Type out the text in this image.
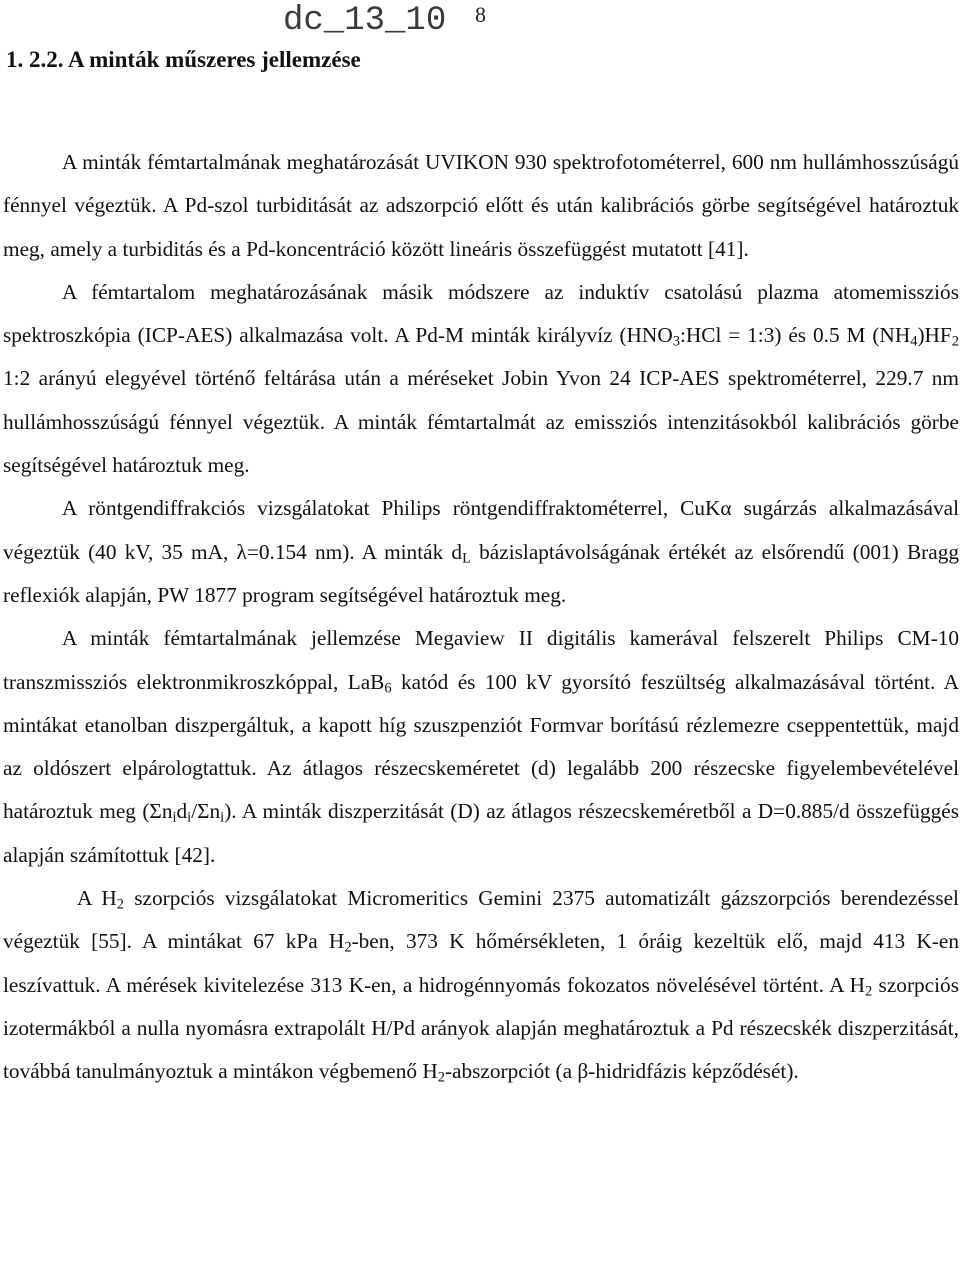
dc_13_10 8
1. 2.2. A minták műszeres jellemzése

A minták fémtartalmának meghatározását UVIKON 930 spektrofotométerrel, 600 nm hullámhosszúságú fénnyel végeztük. A Pd-szol turbiditását az adszorpció előtt és után kalibrációs görbe segítségével határoztuk meg, amely a turbiditás és a Pd-koncentráció között lineáris összefüggést mutatott [41].

A fémtartalom meghatározásának másik módszere az induktív csatolású plazma atomemissziós spektroszkópia (ICP-AES) alkalmazása volt. A Pd-M minták királyvíz ($HNO_3:HCl$ = 1:3) és 0.5 M $(NH_4)HF_2$ 1:2 arányú elegyével történő feltárása után a méréseket Jobin Yvon 24 ICP-AES spektrométerrel, 229.7 nm hullámhosszúságú fénnyel végeztük. A minták fémtartalmát az emissziós intenzitásokból kalibrációs görbe segítségével határoztuk meg.

A röntgendiffrakciós vizsgálatokat Philips röntgendiffraktométerrel, CuKα sugárzás alkalmazásával végeztük (40 kV, 35 mA, λ=0.154 nm). A minták $d_L$ bázislaptávolságának értékét az elsőrendű (001) Bragg reflexiók alapján, PW 1877 program segítségével határoztuk meg.

A minták fémtartalmának jellemzése Megaview II digitális kamerával felszerelt Philips CM-10 transzmissziós elektronmikroszkóppal, LaB$_6$ katód és 100 kV gyorsító feszültség alkalmazásával történt. A mintákat etanolban diszpergáltuk, a kapott híg szuszpenziót Formvar borítású rézlemezre cseppentettük, majd az oldószert elpárologtattuk. Az átlagos részecskeméretet (d) legalább 200 részecske figyelembevételével határoztuk meg $(\Sigma n_id_i/\Sigma n_i)$. A minták diszperzitását (D) az átlagos részecskeméretből a D=0.885/d összefüggés alapján számítottuk [42].

A $H_2$ szorpciós vizsgálatokat Micromeritics Gemini 2375 automatizált gázszorpciós berendezéssel végeztük [55]. A mintákat 67 kPa $H_2$-ben, 373 K hőmérsékleten, 1 óráig kezeltük elő, majd 413 K-en leszívattuk. A mérések kivitelezése 313 K-en, a hidrogénnyomás fokozatos növelésével történt. A $H_2$ szorpciós izotermákból a nulla nyomásra extrapolált H/Pd arányok alapján meghatároztuk a Pd részecskék diszperzitását, továbbá tanulmányoztuk a mintákon végbemenő $H_2$-abszorpciót (a β-hidridfázis képződését).
